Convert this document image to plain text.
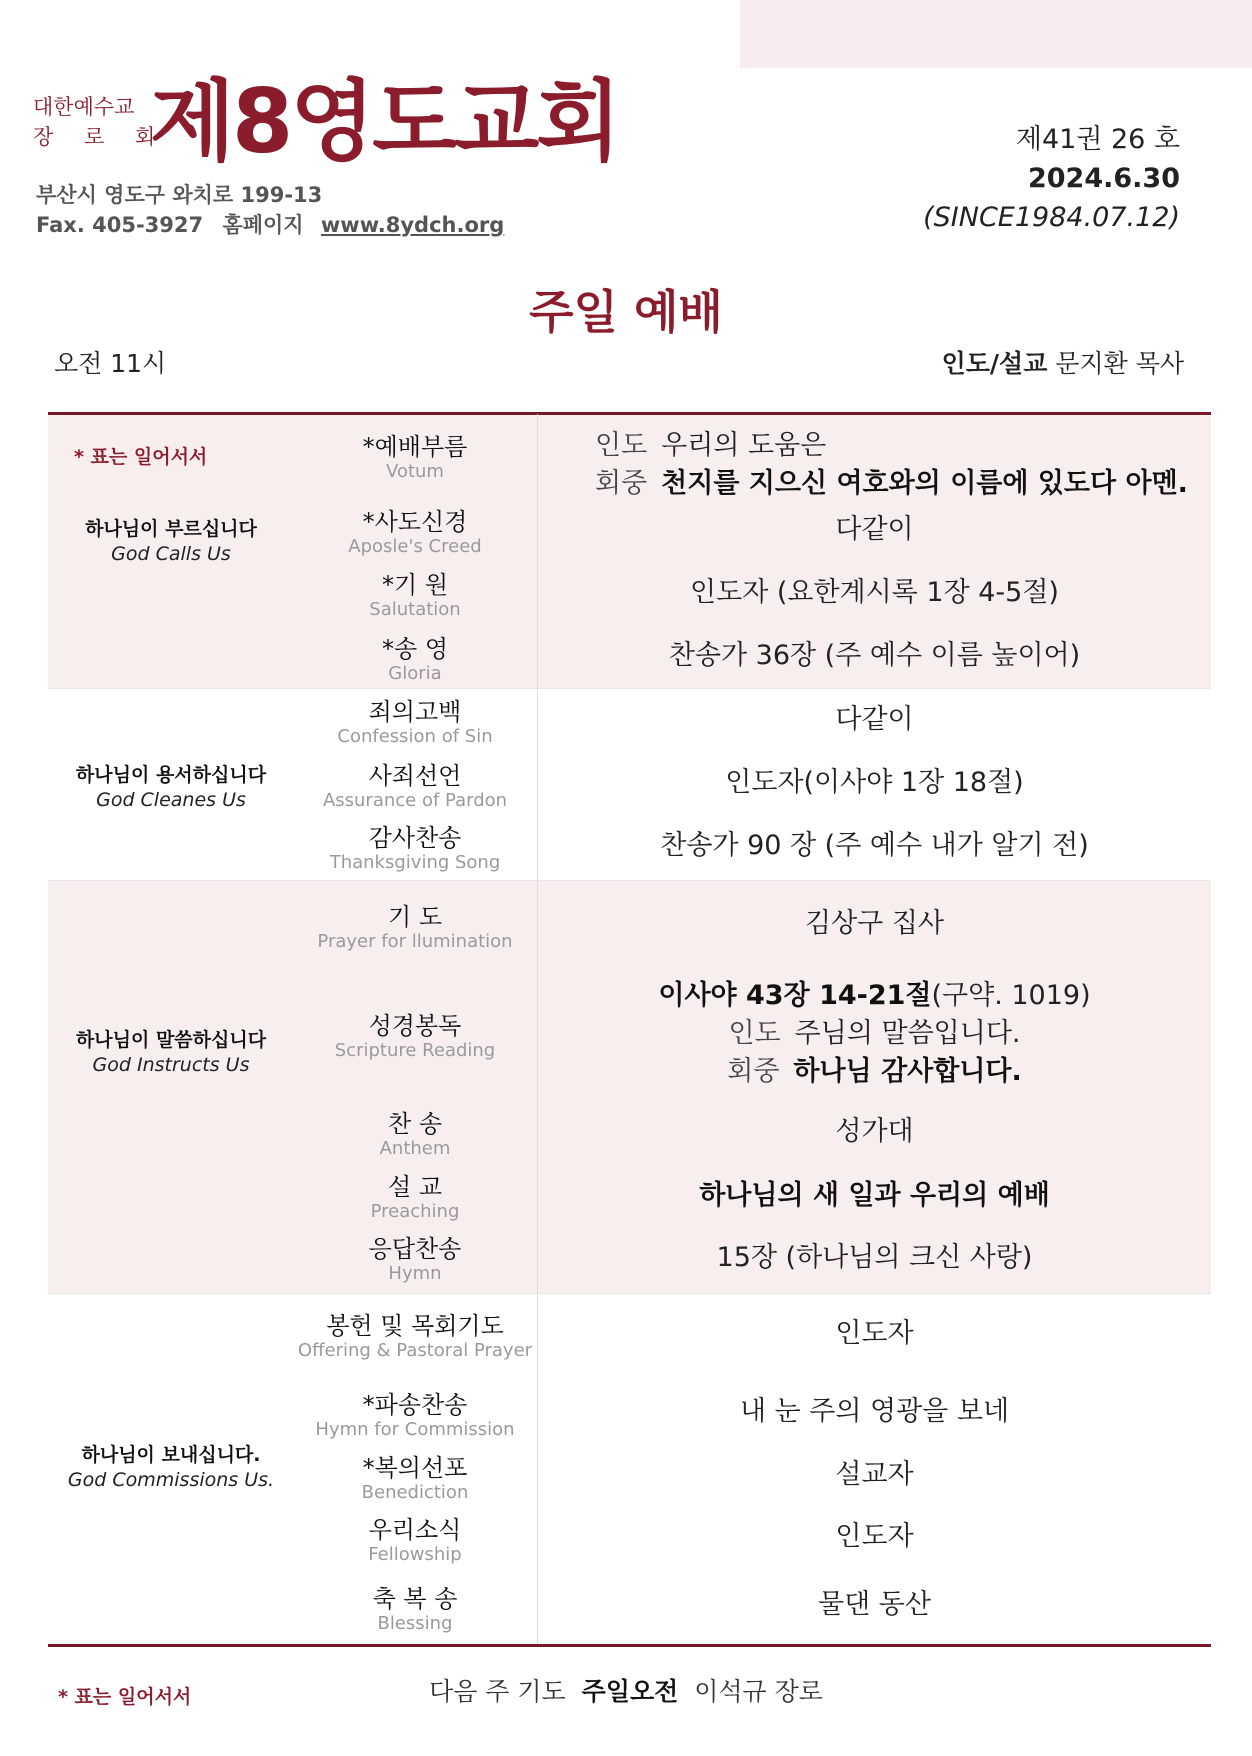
대한예수교
장 로 회
제8영도교회
부산시 영도구 와치로 199-13
Fax. 405-3927 홈페이지 www.8ydch.org
제41권 26 호
2024.6.30
(SINCE1984.07.12)
주일 예배
오전 11시	인도/설교 문지환 목사
* 표는 일어서서
하나님이 부르십니다
God Calls Us
하나님이 용서하십니다
God Cleanes Us
하나님이 말씀하십니다
God Instructs Us
하나님이 보내십니다.
God Commissions Us.
*예배부름
Votum
*사도신경
Aposle's Creed
*기 원
Salutation
*송 영
Gloria
죄의고백
Confession of Sin
사죄선언
Assurance of Pardon
감사찬송
Thanksgiving Song
기 도
Prayer for llumination
성경봉독
Scripture Reading
찬 송
Anthem
설 교
Preaching
응답찬송
Hymn
봉헌 및 목회기도
Offering & Pastoral Prayer
*파송찬송
Hymn for Commission
*복의선포
Benediction
우리소식
Fellowship
축 복 송
Blessing
인도 우리의 도움은
회중 천지를 지으신 여호와의 이름에 있도다 아멘.
다같이
인도자 (요한계시록 1장 4-5절)
찬송가 36장 (주 예수 이름 높이어)
다같이
인도자(이사야 1장 18절)
찬송가 90 장 (주 예수 내가 알기 전)
김상구 집사
이사야 43장 14-21절(구약. 1019)
인도 주님의 말씀입니다.
회중 하나님 감사합니다.
성가대
하나님의 새 일과 우리의 예배
15장 (하나님의 크신 사랑)
인도자
내 눈 주의 영광을 보네
설교자
인도자
물댄 동산
* 표는 일어서서	다음 주 기도 주일오전 이석규 장로
